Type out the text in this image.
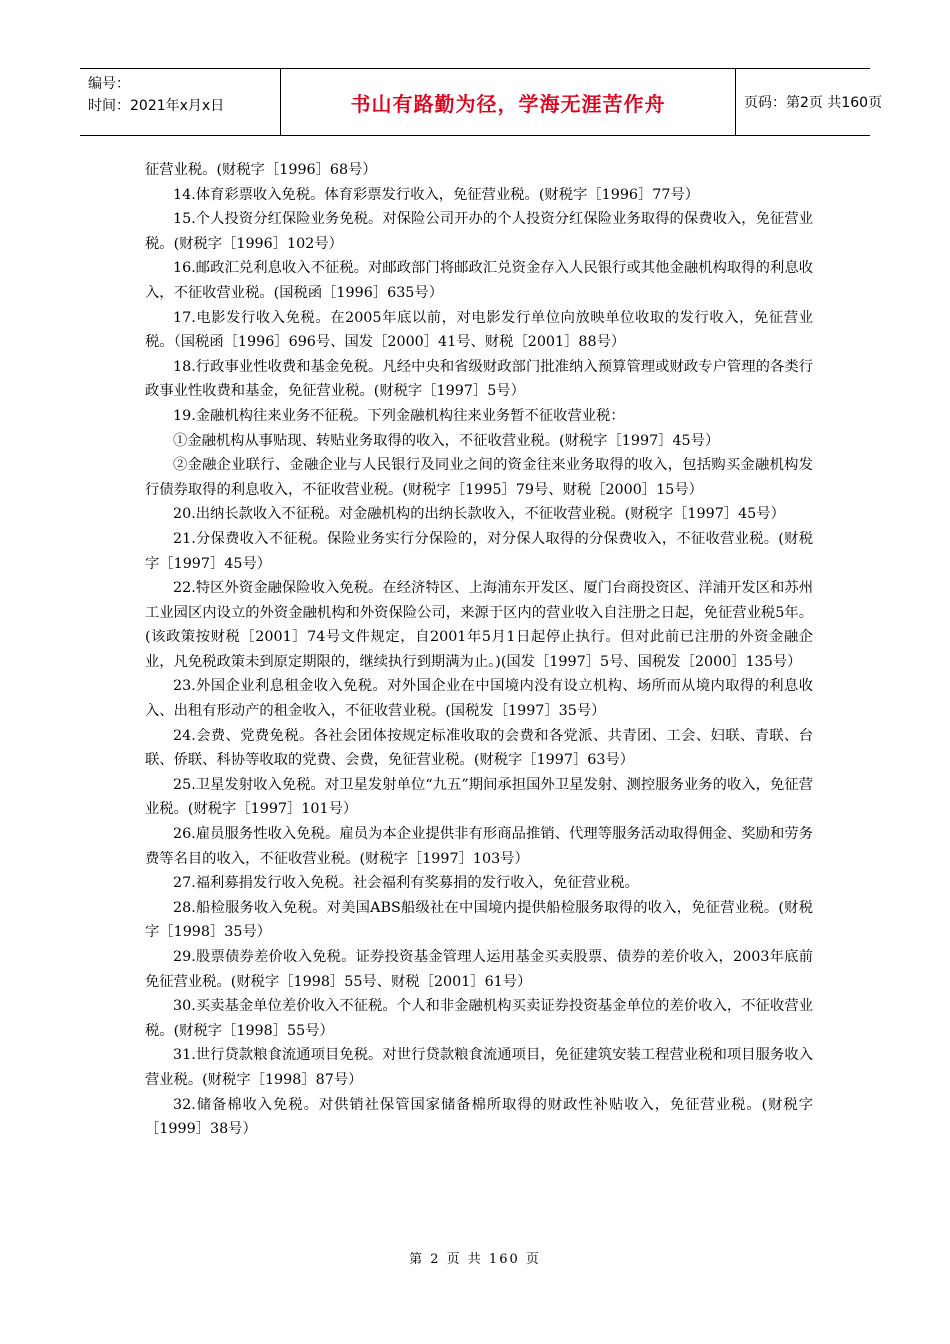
编号：
时间：2021年x月x日	书山有路勤为径，学海无涯苦作舟	页码：第2页 共160页

征营业税。(财税字［1996］68号）

14.体育彩票收入免税。体育彩票发行收入，免征营业税。(财税字［1996］77号）

15.个人投资分红保险业务免税。对保险公司开办的个人投资分红保险业务取得的保费收入，免征营业税。(财税字［1996］102号）

16.邮政汇兑利息收入不征税。对邮政部门将邮政汇兑资金存入人民银行或其他金融机构取得的利息收入，不征收营业税。(国税函［1996］635号）

17.电影发行收入免税。在2005年底以前，对电影发行单位向放映单位收取的发行收入，免征营业税。（国税函［1996］696号、国发［2000］41号、财税［2001］88号）

18.行政事业性收费和基金免税。凡经中央和省级财政部门批准纳入预算管理或财政专户管理的各类行政事业性收费和基金，免征营业税。(财税字［1997］5号）

19.金融机构往来业务不征税。下列金融机构往来业务暂不征收营业税：

①金融机构从事贴现、转贴业务取得的收入，不征收营业税。(财税字［1997］45号）

②金融企业联行、金融企业与人民银行及同业之间的资金往来业务取得的收入，包括购买金融机构发行债券取得的利息收入，不征收营业税。(财税字［1995］79号、财税［2000］15号）

20.出纳长款收入不征税。对金融机构的出纳长款收入，不征收营业税。(财税字［1997］45号）

21.分保费收入不征税。保险业务实行分保险的，对分保人取得的分保费收入，不征收营业税。(财税字［1997］45号）

22.特区外资金融保险收入免税。在经济特区、上海浦东开发区、厦门台商投资区、洋浦开发区和苏州工业园区内设立的外资金融机构和外资保险公司，来源于区内的营业收入自注册之日起，免征营业税5年。(该政策按财税［2001］74号文件规定，自2001年5月1日起停止执行。但对此前已注册的外资金融企业，凡免税政策未到原定期限的，继续执行到期满为止。)(国发［1997］5号、国税发［2000］135号）

23.外国企业利息租金收入免税。对外国企业在中国境内没有设立机构、场所而从境内取得的利息收入、出租有形动产的租金收入，不征收营业税。(国税发［1997］35号）

24.会费、党费免税。各社会团体按规定标准收取的会费和各党派、共青团、工会、妇联、青联、台联、侨联、科协等收取的党费、会费，免征营业税。(财税字［1997］63号）

25.卫星发射收入免税。对卫星发射单位“九五”期间承担国外卫星发射、测控服务业务的收入，免征营业税。(财税字［1997］101号）

26.雇员服务性收入免税。雇员为本企业提供非有形商品推销、代理等服务活动取得佣金、奖励和劳务费等名目的收入，不征收营业税。(财税字［1997］103号）

27.福利募捐发行收入免税。社会福利有奖募捐的发行收入，免征营业税。

28.船检服务收入免税。对美国ABS船级社在中国境内提供船检服务取得的收入，免征营业税。(财税字［1998］35号）

29.股票债券差价收入免税。证券投资基金管理人运用基金买卖股票、债券的差价收入，2003年底前免征营业税。(财税字［1998］55号、财税［2001］61号）

30.买卖基金单位差价收入不征税。个人和非金融机构买卖证券投资基金单位的差价收入，不征收营业税。(财税字［1998］55号）

31.世行贷款粮食流通项目免税。对世行贷款粮食流通项目，免征建筑安装工程营业税和项目服务收入营业税。(财税字［1998］87号）

32.储备棉收入免税。对供销社保管国家储备棉所取得的财政性补贴收入，免征营业税。(财税字［1999］38号）

第 2 页 共 160 页
